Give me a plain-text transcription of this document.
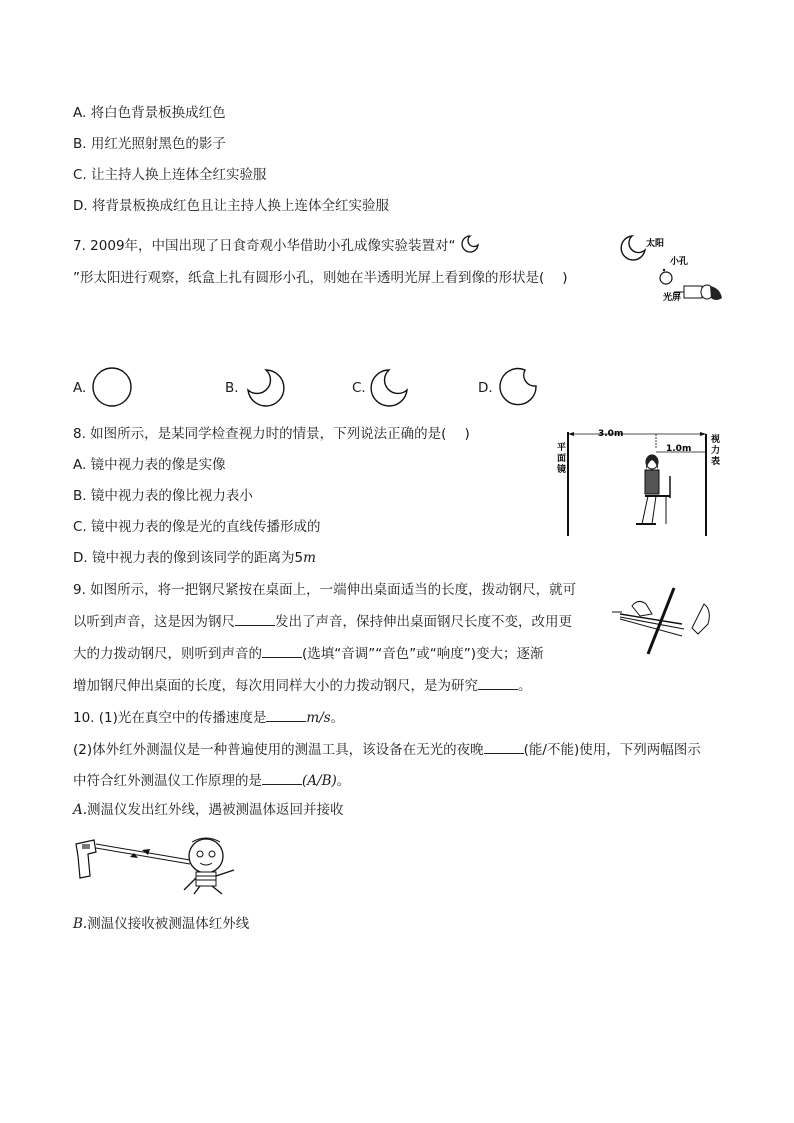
A. 将白色背景板换成红色
B. 用红光照射黑色的影子
C. 让主持人换上连体全红实验服
D. 将背景板换成红色且让主持人换上连体全红实验服
7. 2009年，中国出现了日食奇观小华借助小孔成像实验装置对“
”形太阳进行观察，纸盒上扎有圆形小孔，则她在半透明光屏上看到像的形状是( )
太阳
小孔
光屏
A.	B.	C.	D.
8. 如图所示，是某同学检查视力时的情景，下列说法正确的是( )
A. 镜中视力表的像是实像
B. 镜中视力表的像比视力表小
C. 镜中视力表的像是光的直线传播形成的
D. 镜中视力表的像到该同学的距离为5m
3.0m
1.0m
平面镜
视力表
9. 如图所示，将一把钢尺紧按在桌面上，一端伸出桌面适当的长度，拨动钢尺，就可
以听到声音，这是因为钢尺	发出了声音，保持伸出桌面钢尺长度不变，改用更
大的力拨动钢尺，则听到声音的	(选填“音调”“音色”或“响度”)变大；逐渐
增加钢尺伸出桌面的长度，每次用同样大小的力拨动钢尺，是为研究	。
10. (1)光在真空中的传播速度是	m/s。
(2)体外红外测温仪是一种普遍使用的测温工具，该设备在无光的夜晚	(能/不能)使用，下列两幅图示
中符合红外测温仪工作原理的是	(A/B)。
A.测温仪发出红外线，遇被测温体返回并接收
B.测温仪接收被测温体红外线
